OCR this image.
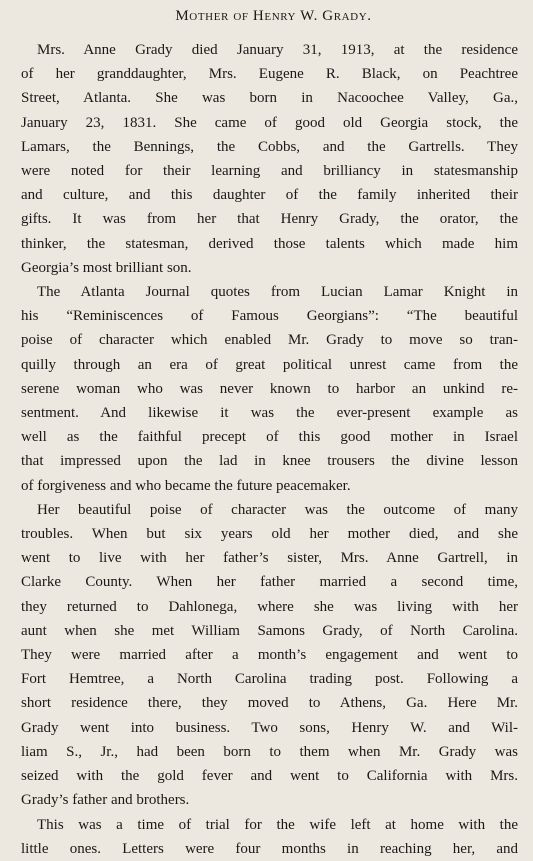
Mother of Henry W. Grady.

Mrs. Anne Grady died January 31, 1913, at the residence
of her granddaughter, Mrs. Eugene R. Black, on Peachtree
Street, Atlanta. She was born in Nacoochee Valley, Ga.,
January 23, 1831. She came of good old Georgia stock, the
Lamars, the Bennings, the Cobbs, and the Gartrells. They
were noted for their learning and brilliancy in statesmanship
and culture, and this daughter of the family inherited their
gifts. It was from her that Henry Grady, the orator, the
thinker, the statesman, derived those talents which made him
Georgia’s most brilliant son.

The Atlanta Journal quotes from Lucian Lamar Knight in
his “Reminiscences of Famous Georgians”: “The beautiful
poise of character which enabled Mr. Grady to move so tran-
quilly through an era of great political unrest came from the
serene woman who was never known to harbor an unkind re-
sentment. And likewise it was the ever-present example as
well as the faithful precept of this good mother in Israel
that impressed upon the lad in knee trousers the divine lesson
of forgiveness and who became the future peacemaker.

Her beautiful poise of character was the outcome of many
troubles. When but six years old her mother died, and she
went to live with her father’s sister, Mrs. Anne Gartrell, in
Clarke County. When her father married a second time,
they returned to Dahlonega, where she was living with her
aunt when she met William Samons Grady, of North Carolina.
They were married after a month’s engagement and went to
Fort Hemtree, a North Carolina trading post. Following a
short residence there, they moved to Athens, Ga. Here Mr.
Grady went into business. Two sons, Henry W. and Wil-
liam S., Jr., had been born to them when Mr. Grady was
seized with the gold fever and went to California with Mrs.
Grady’s father and brothers.

This was a time of trial for the wife left at home with the
little ones. Letters were four months in reaching her, and
